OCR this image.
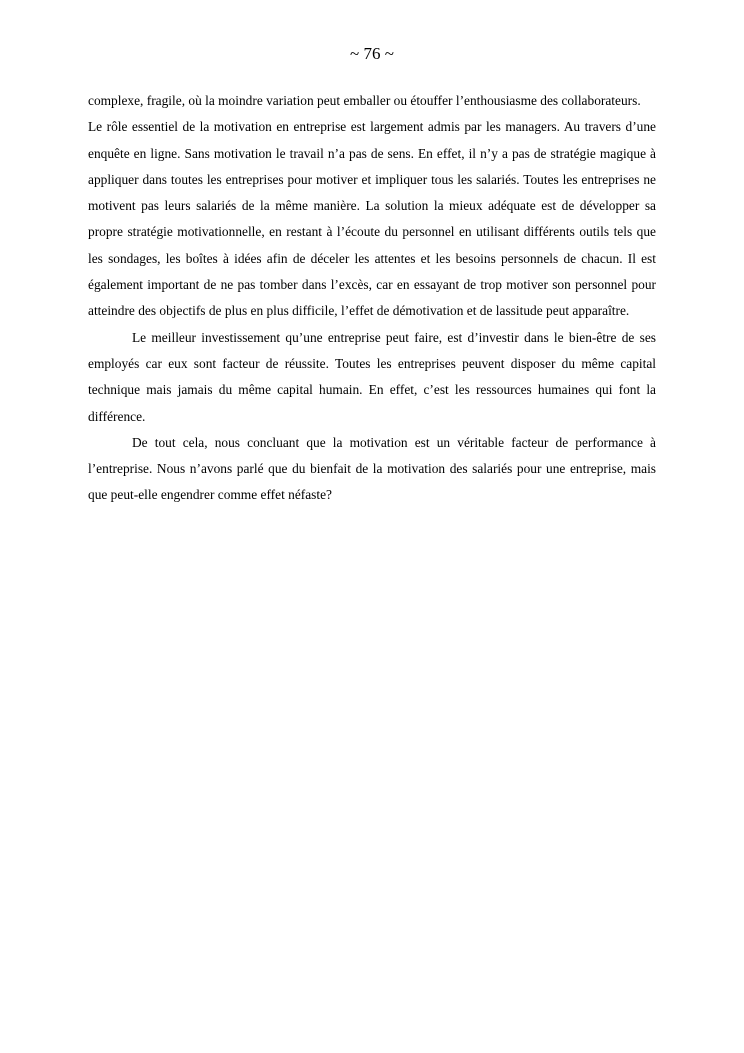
~ 76 ~

complexe, fragile, où la moindre variation peut emballer ou étouffer l’enthousiasme des collaborateurs.

Le rôle essentiel de la motivation en entreprise est largement admis par les managers. Au travers d’une enquête en ligne. Sans motivation le travail n’a pas de sens. En effet, il n’y a pas de stratégie magique à appliquer dans toutes les entreprises pour motiver et impliquer tous les salariés. Toutes les entreprises ne motivent pas leurs salariés de la même manière. La solution la mieux adéquate est de développer sa propre stratégie motivationnelle, en restant à l’écoute du personnel en utilisant différents outils tels que les sondages, les boîtes à idées afin de déceler les attentes et les besoins personnels de chacun. Il est également important de ne pas tomber dans l’excès, car en essayant de trop motiver son personnel pour atteindre des objectifs de plus en plus difficile, l’effet de démotivation et de lassitude peut apparaître.

Le meilleur investissement qu’une entreprise peut faire, est d’investir dans le bien-être de ses employés car eux sont facteur de réussite. Toutes les entreprises peuvent disposer du même capital technique mais jamais du même capital humain. En effet, c’est les ressources humaines qui font la différence.

De tout cela, nous concluant que la motivation est un véritable facteur de performance à l’entreprise. Nous n’avons parlé que du bienfait de la motivation des salariés pour une entreprise, mais que peut-elle engendrer comme effet néfaste?
